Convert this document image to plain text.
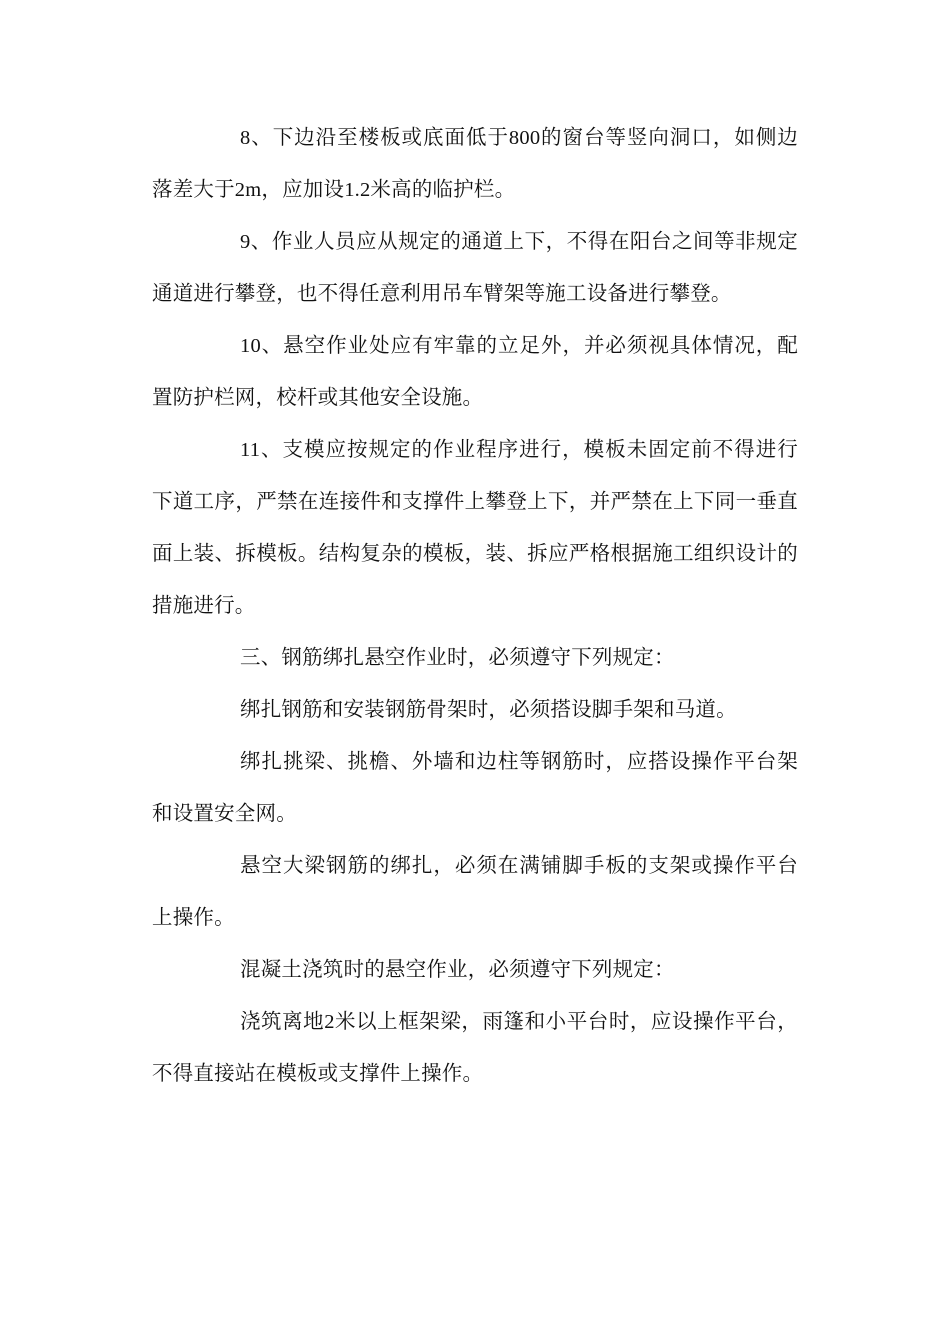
8、下边沿至楼板或底面低于800的窗台等竖向洞口，如侧边落差大于2m，应加设1.2米高的临护栏。

9、作业人员应从规定的通道上下，不得在阳台之间等非规定通道进行攀登，也不得任意利用吊车臂架等施工设备进行攀登。

10、悬空作业处应有牢靠的立足外，并必须视具体情况，配置防护栏网，校杆或其他安全设施。

11、支模应按规定的作业程序进行，模板未固定前不得进行下道工序，严禁在连接件和支撑件上攀登上下，并严禁在上下同一垂直面上装、拆模板。结构复杂的模板，装、拆应严格根据施工组织设计的措施进行。

三、钢筋绑扎悬空作业时，必须遵守下列规定：

绑扎钢筋和安装钢筋骨架时，必须搭设脚手架和马道。

绑扎挑梁、挑檐、外墙和边柱等钢筋时，应搭设操作平台架和设置安全网。

悬空大梁钢筋的绑扎，必须在满铺脚手板的支架或操作平台上操作。

混凝土浇筑时的悬空作业，必须遵守下列规定：

浇筑离地2米以上框架梁，雨篷和小平台时，应设操作平台，不得直接站在模板或支撑件上操作。
